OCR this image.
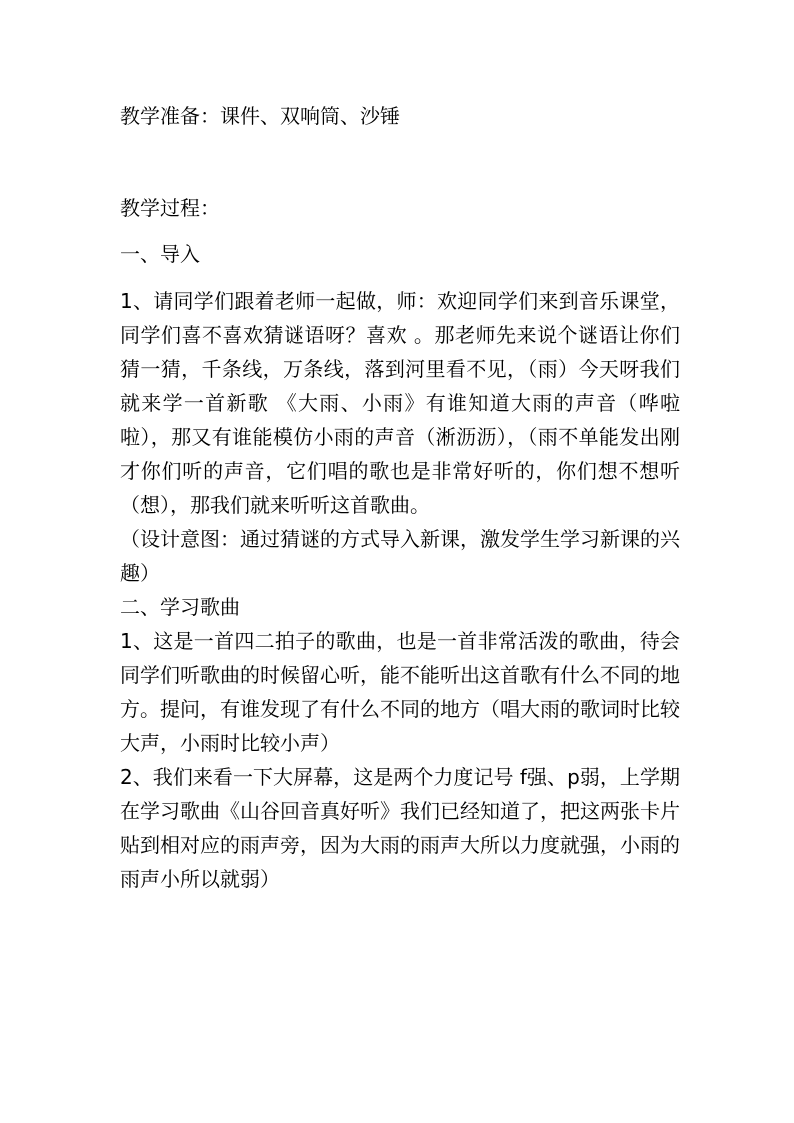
教学准备：课件、双响筒、沙锤

教学过程：

一、导入

1、请同学们跟着老师一起做，师：欢迎同学们来到音乐课堂，同学们喜不喜欢猜谜语呀？喜欢 。那老师先来说个谜语让你们猜一猜，千条线，万条线，落到河里看不见，（雨）今天呀我们就来学一首新歌 《大雨、小雨》有谁知道大雨的声音（哗啦啦），那又有谁能模仿小雨的声音（淅沥沥），（雨不单能发出刚才你们听的声音，它们唱的歌也是非常好听的，你们想不想听（想），那我们就来听听这首歌曲。

（设计意图：通过猜谜的方式导入新课，激发学生学习新课的兴趣）

二、学习歌曲

1、这是一首四二拍子的歌曲，也是一首非常活泼的歌曲，待会同学们听歌曲的时候留心听，能不能听出这首歌有什么不同的地方。提问，有谁发现了有什么不同的地方（唱大雨的歌词时比较大声，小雨时比较小声）

2、我们来看一下大屏幕，这是两个力度记号 f强、p弱，上学期在学习歌曲《山谷回音真好听》我们已经知道了，把这两张卡片贴到相对应的雨声旁，因为大雨的雨声大所以力度就强，小雨的雨声小所以就弱）
